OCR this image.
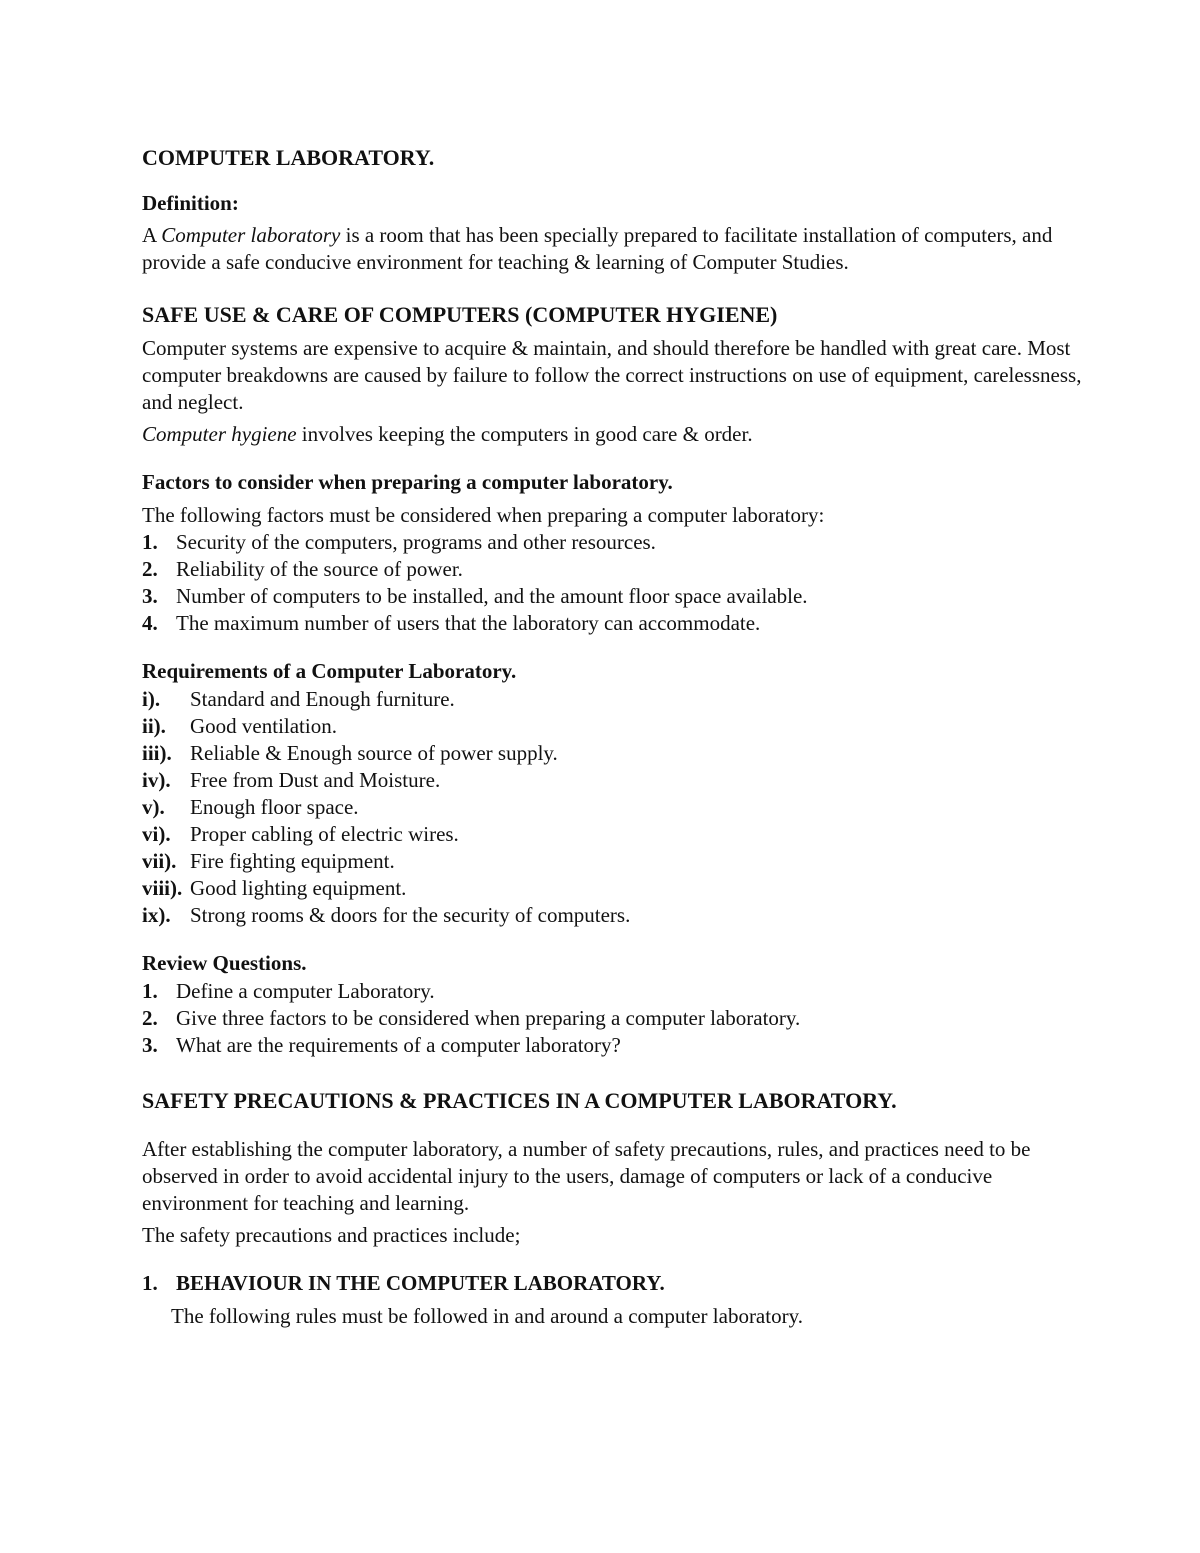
COMPUTER LABORATORY.
Definition:

A Computer laboratory is a room that has been specially prepared to facilitate installation of computers, and provide a safe conducive environment for teaching & learning of Computer Studies.

SAFE USE & CARE OF COMPUTERS (COMPUTER HYGIENE)

Computer systems are expensive to acquire & maintain, and should therefore be handled with great care. Most computer breakdowns are caused by failure to follow the correct instructions on use of equipment, carelessness, and neglect.

Computer hygiene involves keeping the computers in good care & order.

Factors to consider when preparing a computer laboratory.

The following factors must be considered when preparing a computer laboratory:

1. Security of the computers, programs and other resources.
2. Reliability of the source of power.
3. Number of computers to be installed, and the amount floor space available.
4. The maximum number of users that the laboratory can accommodate.
Requirements of a Computer Laboratory.
i).	Standard and Enough furniture.
ii).	Good ventilation.
iii). Reliable & Enough source of power supply.
iv). Free from Dust and Moisture.
v).	Enough floor space.
vi). Proper cabling of electric wires.
vii). Fire fighting equipment.
viii). Good lighting equipment.
ix). Strong rooms & doors for the security of computers.
Review Questions.
1. Define a computer Laboratory.
2. Give three factors to be considered when preparing a computer laboratory.
3. What are the requirements of a computer laboratory?
SAFETY PRECAUTIONS & PRACTICES IN A COMPUTER LABORATORY.

After establishing the computer laboratory, a number of safety precautions, rules, and practices need to be observed in order to avoid accidental injury to the users, damage of computers or lack of a conducive environment for teaching and learning.

The safety precautions and practices include;

1. BEHAVIOUR IN THE COMPUTER LABORATORY.

The following rules must be followed in and around a computer laboratory.
